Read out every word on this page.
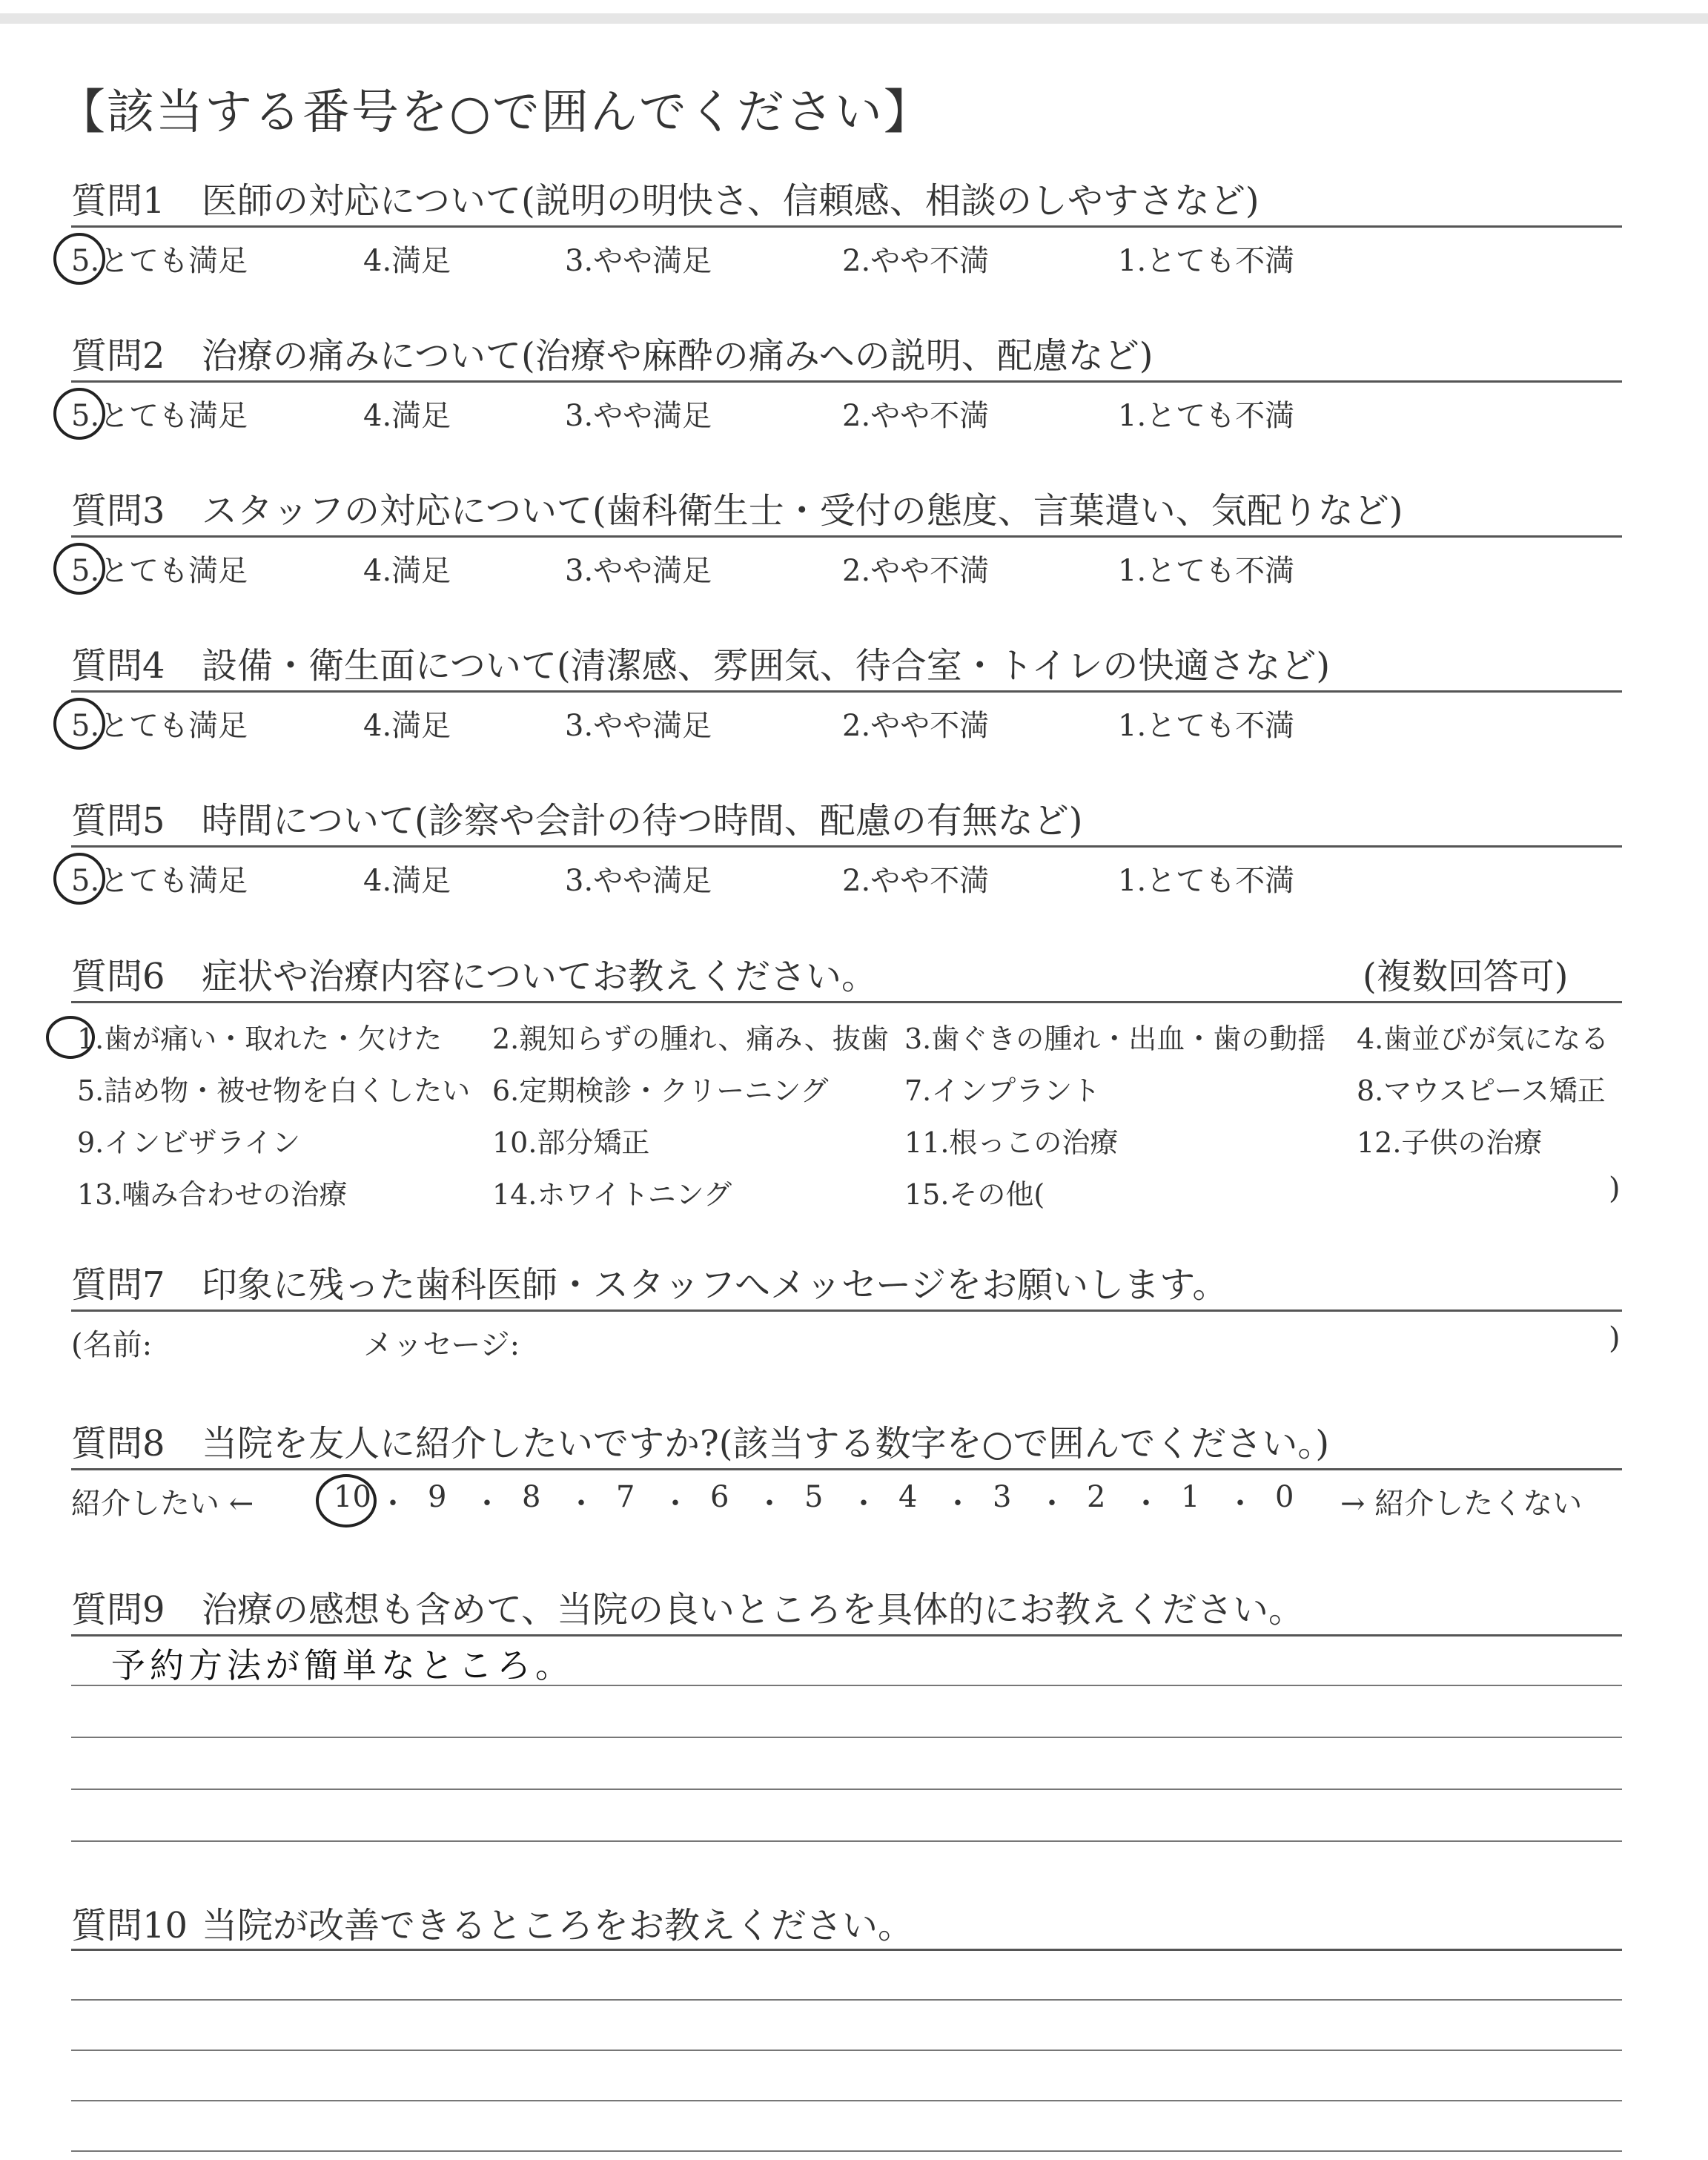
【該当する番号を○で囲んでください】
質問1 医師の対応について(説明の明快さ、信頼感、相談のしやすさなど)
5.とても満足	4.満足	3.やや満足	2.やや不満	1.とても不満
質問2 治療の痛みについて(治療や麻酔の痛みへの説明、配慮など)
5.とても満足	4.満足	3.やや満足	2.やや不満	1.とても不満
質問3 スタッフの対応について(歯科衛生士・受付の態度、言葉遣い、気配りなど)
5.とても満足	4.満足	3.やや満足	2.やや不満	1.とても不満
質問4 設備・衛生面について(清潔感、雰囲気、待合室・トイレの快適さなど)
5.とても満足	4.満足	3.やや満足	2.やや不満	1.とても不満
質問5 時間について(診察や会計の待つ時間、配慮の有無など)
5.とても満足	4.満足	3.やや満足	2.やや不満	1.とても不満
質問6 症状や治療内容についてお教えください。	(複数回答可)
1.歯が痛い・取れた・欠けた 2.親知らずの腫れ、痛み、抜歯 3.歯ぐきの腫れ・出血・歯の動揺 4.歯並びが気になる
5.詰め物・被せ物を白くしたい 6.定期検診・クリーニング	7.インプラント	8.マウスピース矯正
9.インビザライン	10.部分矯正	11.根っこの治療	12.子供の治療
13.噛み合わせの治療	14.ホワイトニング	15.その他(	)
質問7 印象に残った歯科医師・スタッフへメッセージをお願いします。
(名前:	メッセージ:	)
質問8 当院を友人に紹介したいですか?(該当する数字を○で囲んでください。)
紹介したい ←	→ 紹介したくない
10 ・ 9 ・ 8 ・ 7 ・ 6 ・ 5 ・ 4 ・ 3 ・ 2 ・ 1 ・ 0
質問9 治療の感想も含めて、当院の良いところを具体的にお教えください。
予約方法が簡単なところ。
質問10 当院が改善できるところをお教えください。
